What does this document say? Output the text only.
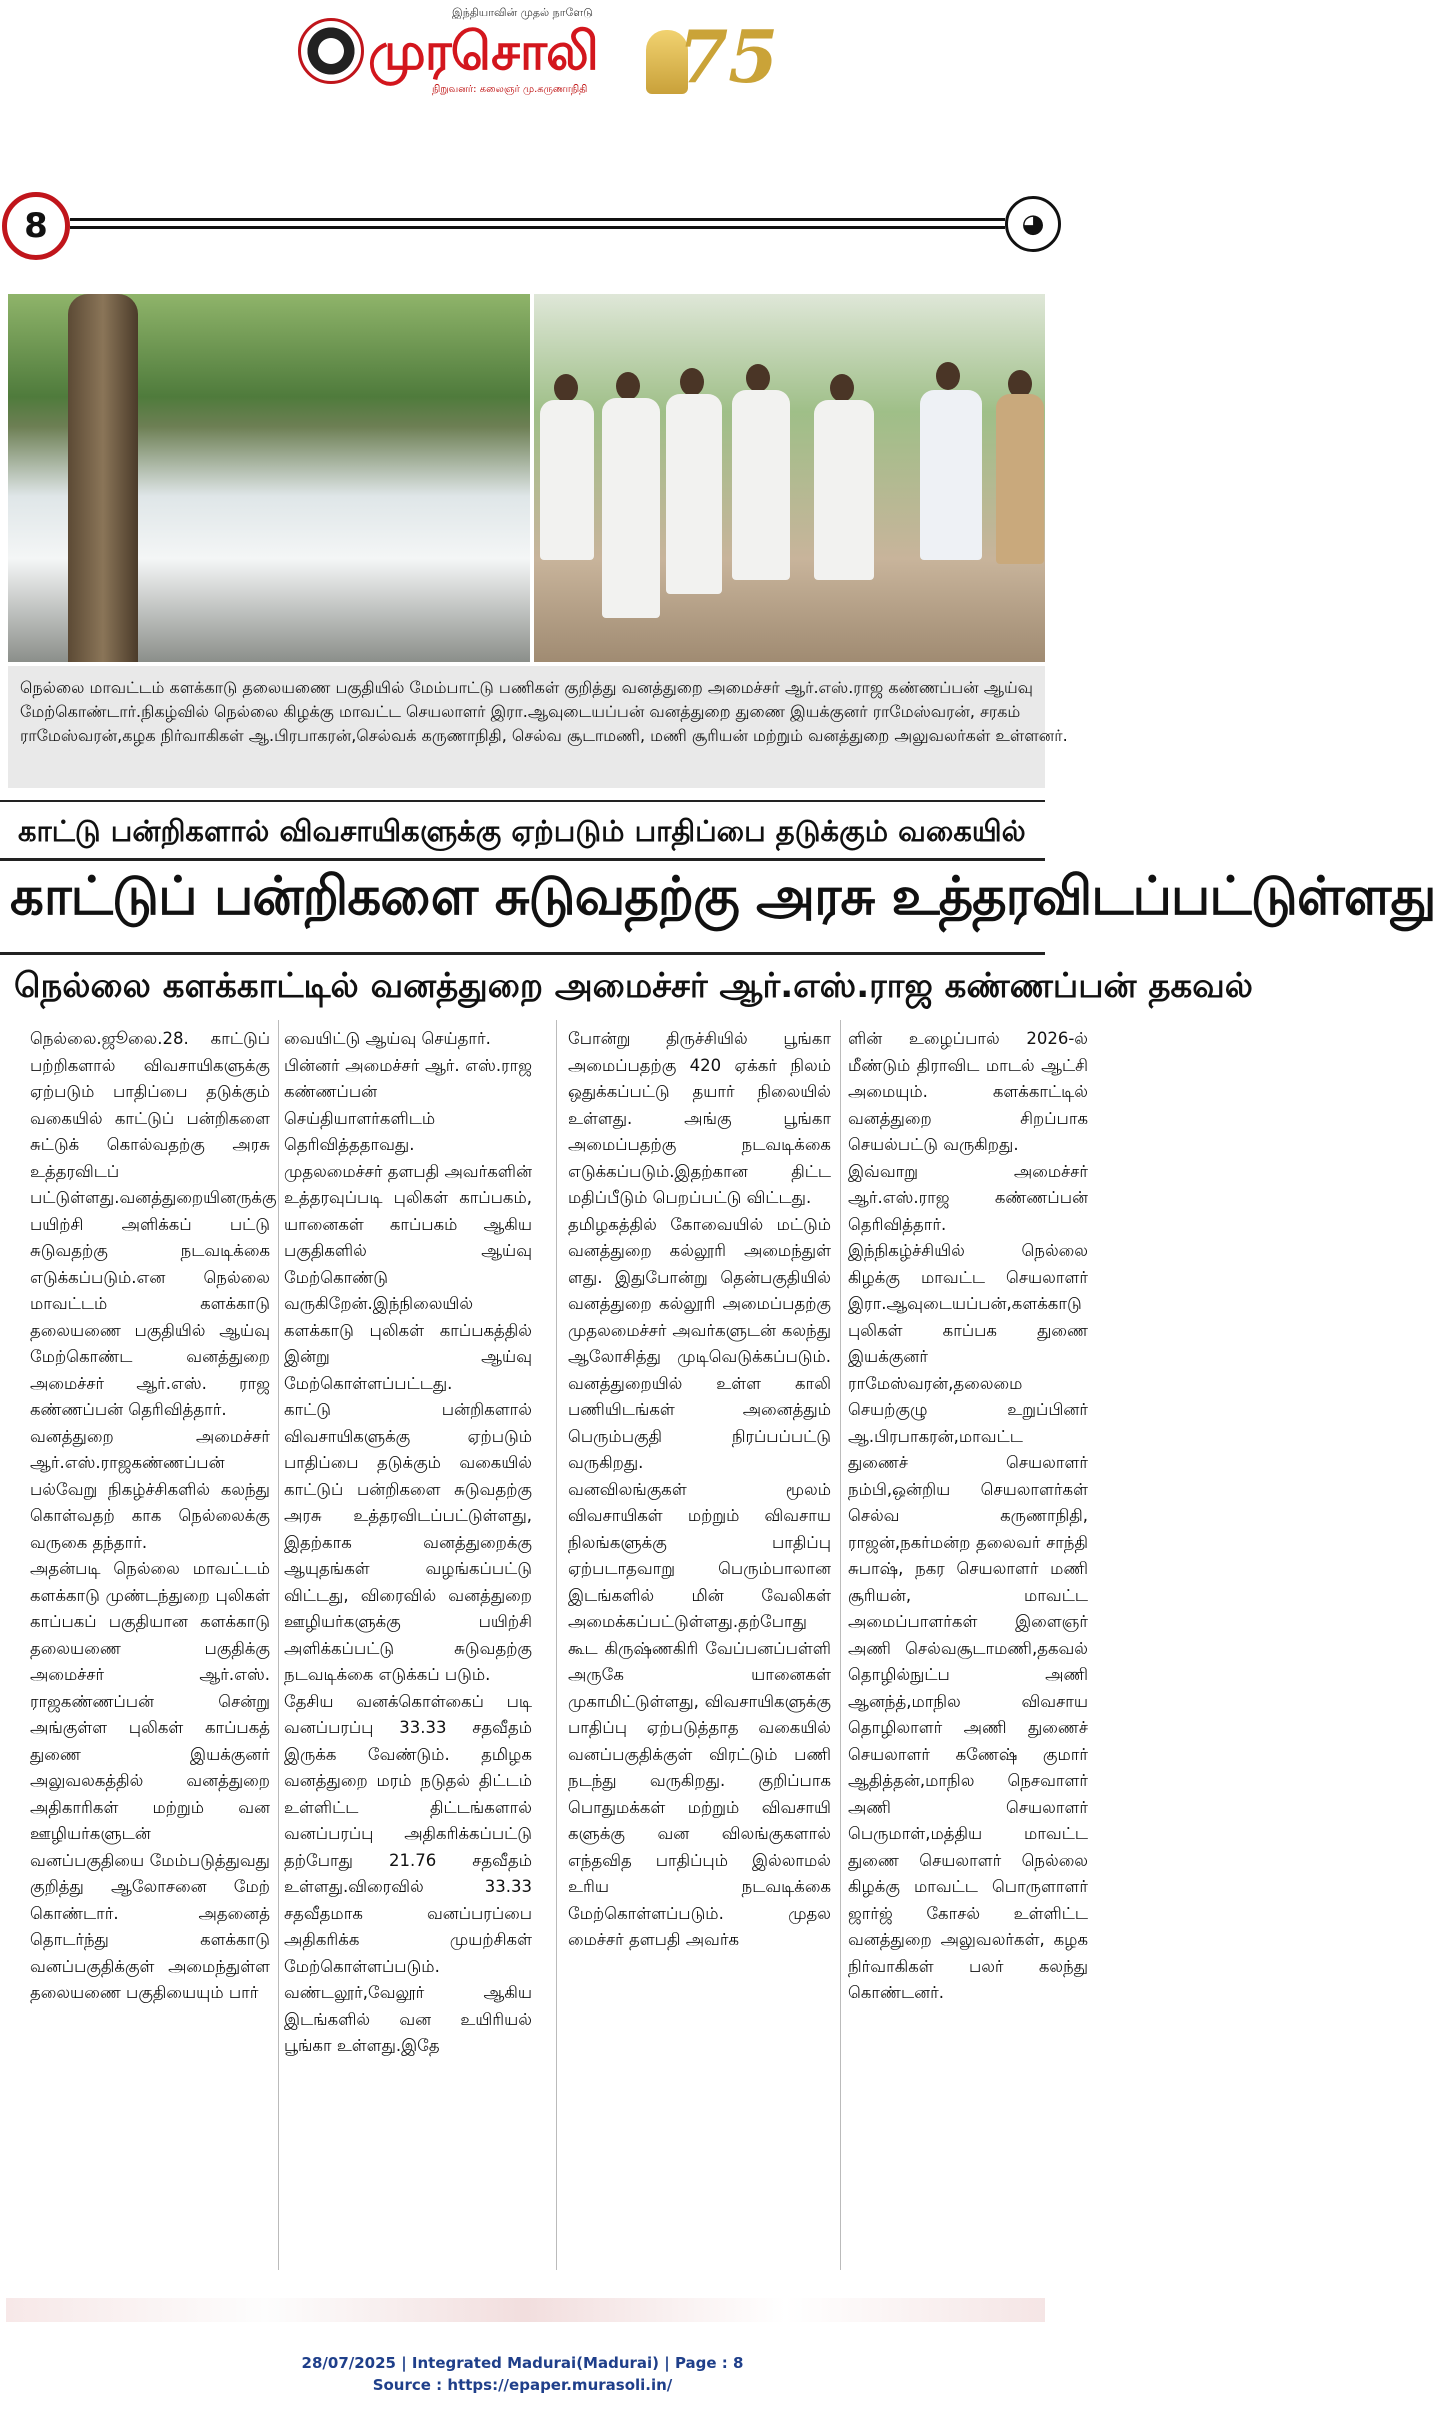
இந்தியாவின் முதல் நாளேடு
முரசொலி 75
நிறுவனர்: கலைஞர் மு.கருணாநிதி
8	◕

நெல்லை மாவட்டம் களக்காடு தலையணை பகுதியில் மேம்பாட்டு பணிகள் குறித்து வனத்துறை அமைச்சர் ஆர்.எஸ்.ராஜ கண்ணப்பன் ஆய்வு மேற்கொண்டார்.நிகழ்வில் நெல்லை கிழக்கு மாவட்ட செயலாளர் இரா.ஆவுடையப்பன் வனத்துறை துணை இயக்குனர் ராமேஸ்வரன், சரகம் ராமேஸ்வரன்,கழக நிர்வாகிகள் ஆ.பிரபாகரன்,செல்வக் கருணாநிதி, செல்வ சூடாமணி, மணி சூரியன் மற்றும் வனத்துறை அலுவலர்கள் உள்ளனர்.

காட்டு பன்றிகளால் விவசாயிகளுக்கு ஏற்படும் பாதிப்பை தடுக்கும் வகையில்
காட்டுப் பன்றிகளை சுடுவதற்கு அரசு உத்தரவிடப்பட்டுள்ளது
நெல்லை களக்காட்டில் வனத்துறை அமைச்சர் ஆர்.எஸ்.ராஜ கண்ணப்பன் தகவல்

நெல்லை.ஜூலை.28. காட்டுப் பற்றிகளால் விவசாயிகளுக்கு ஏற்படும் பாதிப்பை தடுக்கும் வகையில் காட்டுப் பன்றிகளை சுட்டுக் கொல்வதற்கு அரசு உத்தரவிடப் பட்டுள்ளது.வனத்துறையினருக்கு பயிற்சி அளிக்கப் பட்டு சுடுவதற்கு நடவடிக்கை எடுக்கப்படும்.என நெல்லை மாவட்டம் களக்காடு தலையணை பகுதியில் ஆய்வு மேற்கொண்ட வனத்துறை அமைச்சர் ஆர்.எஸ். ராஜ கண்ணப்பன் தெரிவித்தார்.

வனத்துறை அமைச்சர் ஆர்.எஸ்.ராஜகண்ணப்பன் பல்வேறு நிகழ்ச்சிகளில் கலந்து கொள்வதற் காக நெல்லைக்கு வருகை தந்தார்.

அதன்படி நெல்லை மாவட்டம் களக்காடு முண்டந்துறை புலிகள் காப்பகப் பகுதியான களக்காடு தலையணை பகுதிக்கு அமைச்சர் ஆர்.எஸ். ராஜகண்ணப்பன் சென்று அங்குள்ள புலிகள் காப்பகத் துணை இயக்குனர் அலுவலகத்தில் வனத்துறை அதிகாரிகள் மற்றும் வன ஊழியர்களுடன் வனப்பகுதியை மேம்படுத்துவது குறித்து ஆலோசனை மேற் கொண்டார். அதனைத் தொடர்ந்து களக்காடு வனப்பகுதிக்குள் அமைந்துள்ள தலையணை பகுதியையும் பார்

வையிட்டு ஆய்வு செய்தார்.

பின்னர் அமைச்சர் ஆர். எஸ்.ராஜ கண்ணப்பன் செய்தியாளர்களிடம் தெரிவித்ததாவது.

முதலமைச்சர் தளபதி அவர்களின் உத்தரவுப்படி புலிகள் காப்பகம், யானைகள் காப்பகம் ஆகிய பகுதிகளில் ஆய்வு மேற்கொண்டு வருகிறேன்.இந்நிலையில் களக்காடு புலிகள் காப்பகத்தில் இன்று ஆய்வு மேற்கொள்ளப்பட்டது.

காட்டு பன்றிகளால் விவசாயிகளுக்கு ஏற்படும் பாதிப்பை தடுக்கும் வகையில் காட்டுப் பன்றிகளை சுடுவதற்கு அரசு உத்தரவிடப்பட்டுள்ளது, இதற்காக வனத்துறைக்கு ஆயுதங்கள் வழங்கப்பட்டு விட்டது, விரைவில் வனத்துறை ஊழியர்களுக்கு பயிற்சி அளிக்கப்பட்டு சுடுவதற்கு நடவடிக்கை எடுக்கப் படும்.

தேசிய வனக்கொள்கைப் படி வனப்பரப்பு 33.33 சதவீதம் இருக்க வேண்டும். தமிழக வனத்துறை மரம் நடுதல் திட்டம் உள்ளிட்ட திட்டங்களால் வனப்பரப்பு அதிகரிக்கப்பட்டு தற்போது 21.76 சதவீதம் உள்ளது.விரைவில் 33.33 சதவீதமாக வனப்பரப்பை அதிகரிக்க முயற்சிகள் மேற்கொள்ளப்படும். வண்டலூர்,வேலூர் ஆகிய இடங்களில் வன உயிரியல் பூங்கா உள்ளது.இதே

போன்று திருச்சியில் பூங்கா அமைப்பதற்கு 420 ஏக்கர் நிலம் ஒதுக்கப்பட்டு தயார் நிலையில் உள்ளது. அங்கு பூங்கா அமைப்பதற்கு நடவடிக்கை எடுக்கப்படும்.இதற்கான திட்ட மதிப்பீடும் பெறப்பட்டு விட்டது.

தமிழகத்தில் கோவையில் மட்டும் வனத்துறை கல்லூரி அமைந்துள் ளது. இதுபோன்று தென்பகுதியில் வனத்துறை கல்லூரி அமைப்பதற்கு முதலமைச்சர் அவர்களுடன் கலந்து ஆலோசித்து முடிவெடுக்கப்படும். வனத்துறையில் உள்ள காலி பணியிடங்கள் அனைத்தும் பெரும்பகுதி நிரப்பப்பட்டு வருகிறது.

வனவிலங்குகள் மூலம் விவசாயிகள் மற்றும் விவசாய நிலங்களுக்கு பாதிப்பு ஏற்படாதவாறு பெரும்பாலான இடங்களில் மின் வேலிகள் அமைக்கப்பட்டுள்ளது.தற்போது கூட கிருஷ்ணகிரி வேப்பனப்பள்ளி அருகே யானைகள் முகாமிட்டுள்ளது, விவசாயிகளுக்கு பாதிப்பு ஏற்படுத்தாத வகையில் வனப்பகுதிக்குள் விரட்டும் பணி நடந்து வருகிறது. குறிப்பாக பொதுமக்கள் மற்றும் விவசாயி களுக்கு வன விலங்குகளால் எந்தவித பாதிப்பும் இல்லாமல் உரிய நடவடிக்கை மேற்கொள்ளப்படும். முதல மைச்சர் தளபதி அவர்க

ளின் உழைப்பால் 2026-ல் மீண்டும் திராவிட மாடல் ஆட்சி அமையும். களக்காட்டில் வனத்துறை சிறப்பாக செயல்பட்டு வருகிறது.

இவ்வாறு அமைச்சர் ஆர்.எஸ்.ராஜ கண்ணப்பன் தெரிவித்தார்.

இந்நிகழ்ச்சியில் நெல்லை கிழக்கு மாவட்ட செயலாளர் இரா.ஆவுடையப்பன்,களக்காடு புலிகள் காப்பக துணை இயக்குனர் ராமேஸ்வரன்,தலைமை செயற்குழு உறுப்பினர் ஆ.பிரபாகரன்,மாவட்ட துணைச் செயலாளர் நம்பி,ஒன்றிய செயலாளர்கள் செல்வ கருணாநிதி, ராஜன்,நகர்மன்ற தலைவர் சாந்தி சுபாஷ், நகர செயலாளர் மணி சூரியன், மாவட்ட அமைப்பாளர்கள் இளைஞர் அணி செல்வசூடாமணி,தகவல் தொழில்நுட்ப அணி ஆனந்த்,மாநில விவசாய தொழிலாளர் அணி துணைச் செயலாளர் கணேஷ் குமார் ஆதித்தன்,மாநில நெசவாளர் அணி செயலாளர் பெருமாள்,மத்திய மாவட்ட துணை செயலாளர் நெல்லை கிழக்கு மாவட்ட பொருளாளர் ஜார்ஜ் கோசல் உள்ளிட்ட வனத்துறை அலுவலர்கள், கழக நிர்வாகிகள் பலர் கலந்து கொண்டனர்.

28/07/2025 | Integrated Madurai(Madurai) | Page : 8
Source : https://epaper.murasoli.in/
